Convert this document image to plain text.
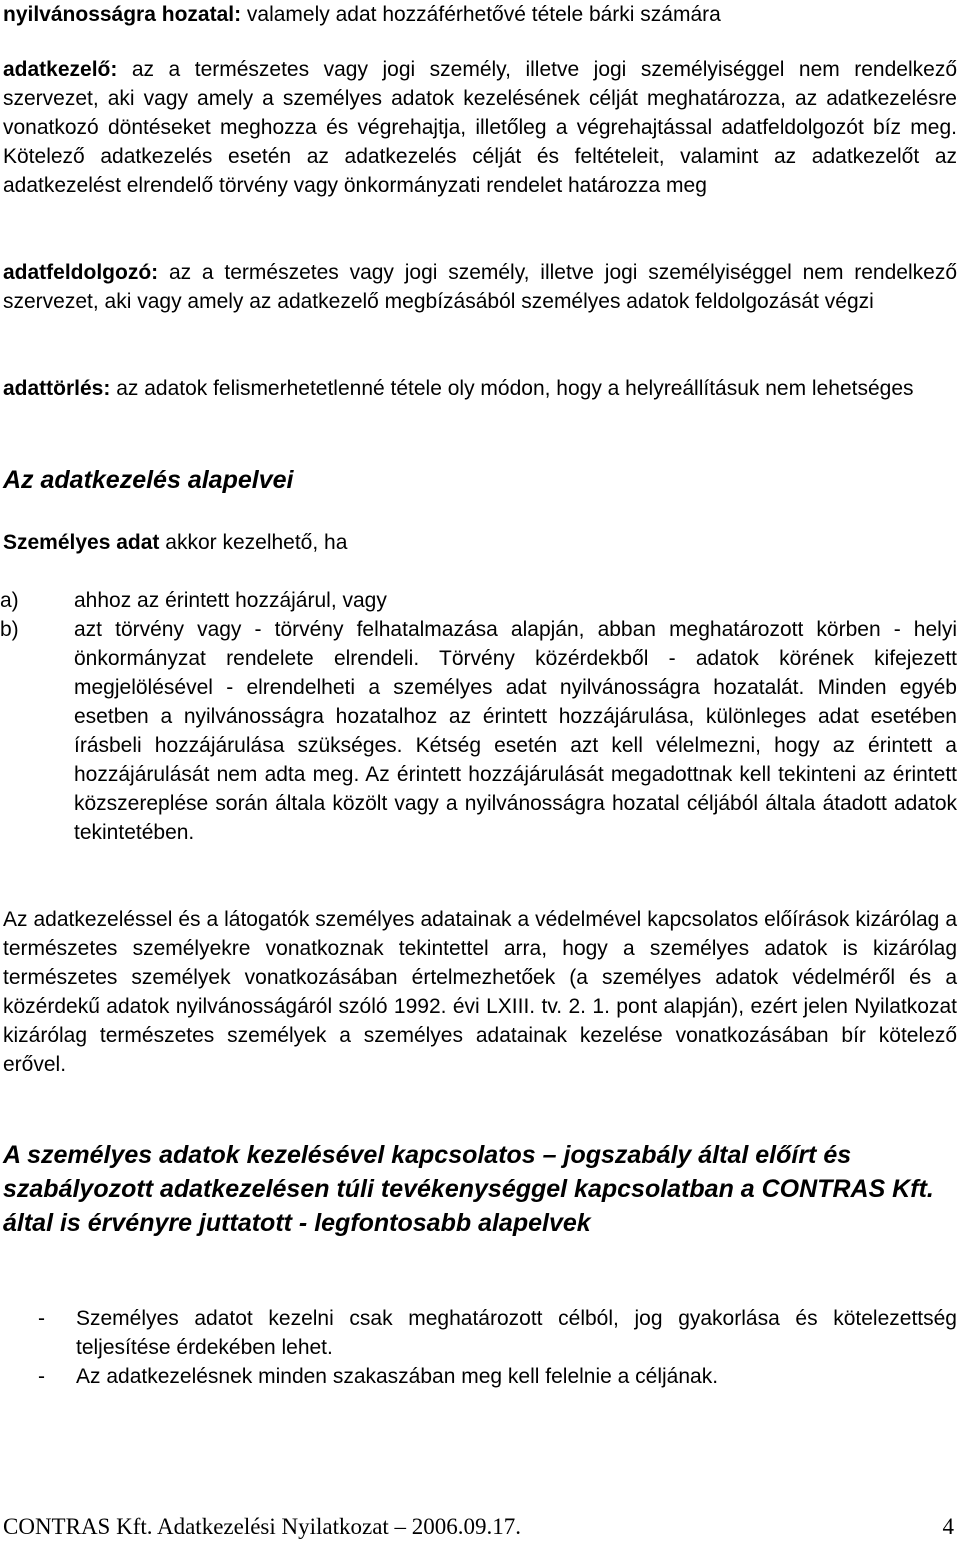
nyilvánosságra hozatal: valamely adat hozzáférhetővé tétele bárki számára

adatkezelő: az a természetes vagy jogi személy, illetve jogi személyiséggel nem rendelkező szervezet, aki vagy amely a személyes adatok kezelésének célját meghatározza, az adatkezelésre vonatkozó döntéseket meghozza és végrehajtja, illetőleg a végrehajtással adatfeldolgozót bíz meg. Kötelező adatkezelés esetén az adatkezelés célját és feltételeit, valamint az adatkezelőt az adatkezelést elrendelő törvény vagy önkormányzati rendelet határozza meg

adatfeldolgozó: az a természetes vagy jogi személy, illetve jogi személyiséggel nem rendelkező szervezet, aki vagy amely az adatkezelő megbízásából személyes adatok feldolgozását végzi

adattörlés: az adatok felismerhetetlenné tétele oly módon, hogy a helyreállításuk nem lehetséges

Az adatkezelés alapelvei

Személyes adat akkor kezelhető, ha

a)	ahhoz az érintett hozzájárul, vagy

b)	azt törvény vagy - törvény felhatalmazása alapján, abban meghatározott körben - helyi önkormányzat rendelete elrendeli. Törvény közérdekből - adatok körének kifejezett megjelölésével - elrendelheti a személyes adat nyilvánosságra hozatalát. Minden egyéb esetben a nyilvánosságra hozatalhoz az érintett hozzájárulása, különleges adat esetében írásbeli hozzájárulása szükséges. Kétség esetén azt kell vélelmezni, hogy az érintett a hozzájárulását nem adta meg. Az érintett hozzájárulását megadottnak kell tekinteni az érintett közszereplése során általa közölt vagy a nyilvánosságra hozatal céljából általa átadott adatok tekintetében.

Az adatkezeléssel és a látogatók személyes adatainak a védelmével kapcsolatos előírások kizárólag a természetes személyekre vonatkoznak tekintettel arra, hogy a személyes adatok is kizárólag természetes személyek vonatkozásában értelmezhetőek (a személyes adatok védelméről és a közérdekű adatok nyilvánosságáról szóló 1992. évi LXIII. tv. 2. 1. pont alapján), ezért jelen Nyilatkozat kizárólag természetes személyek a személyes adatainak kezelése vonatkozásában bír kötelező erővel.

A személyes adatok kezelésével kapcsolatos – jogszabály által előírt és szabályozott adatkezelésen túli tevékenységgel kapcsolatban a CONTRAS Kft. által is érvényre juttatott - legfontosabb alapelvek

- Személyes adatot kezelni csak meghatározott célból, jog gyakorlása és kötelezettség teljesítése érdekében lehet.

- Az adatkezelésnek minden szakaszában meg kell felelnie a céljának.

CONTRAS Kft. Adatkezelési Nyilatkozat – 2006.09.17.	4
